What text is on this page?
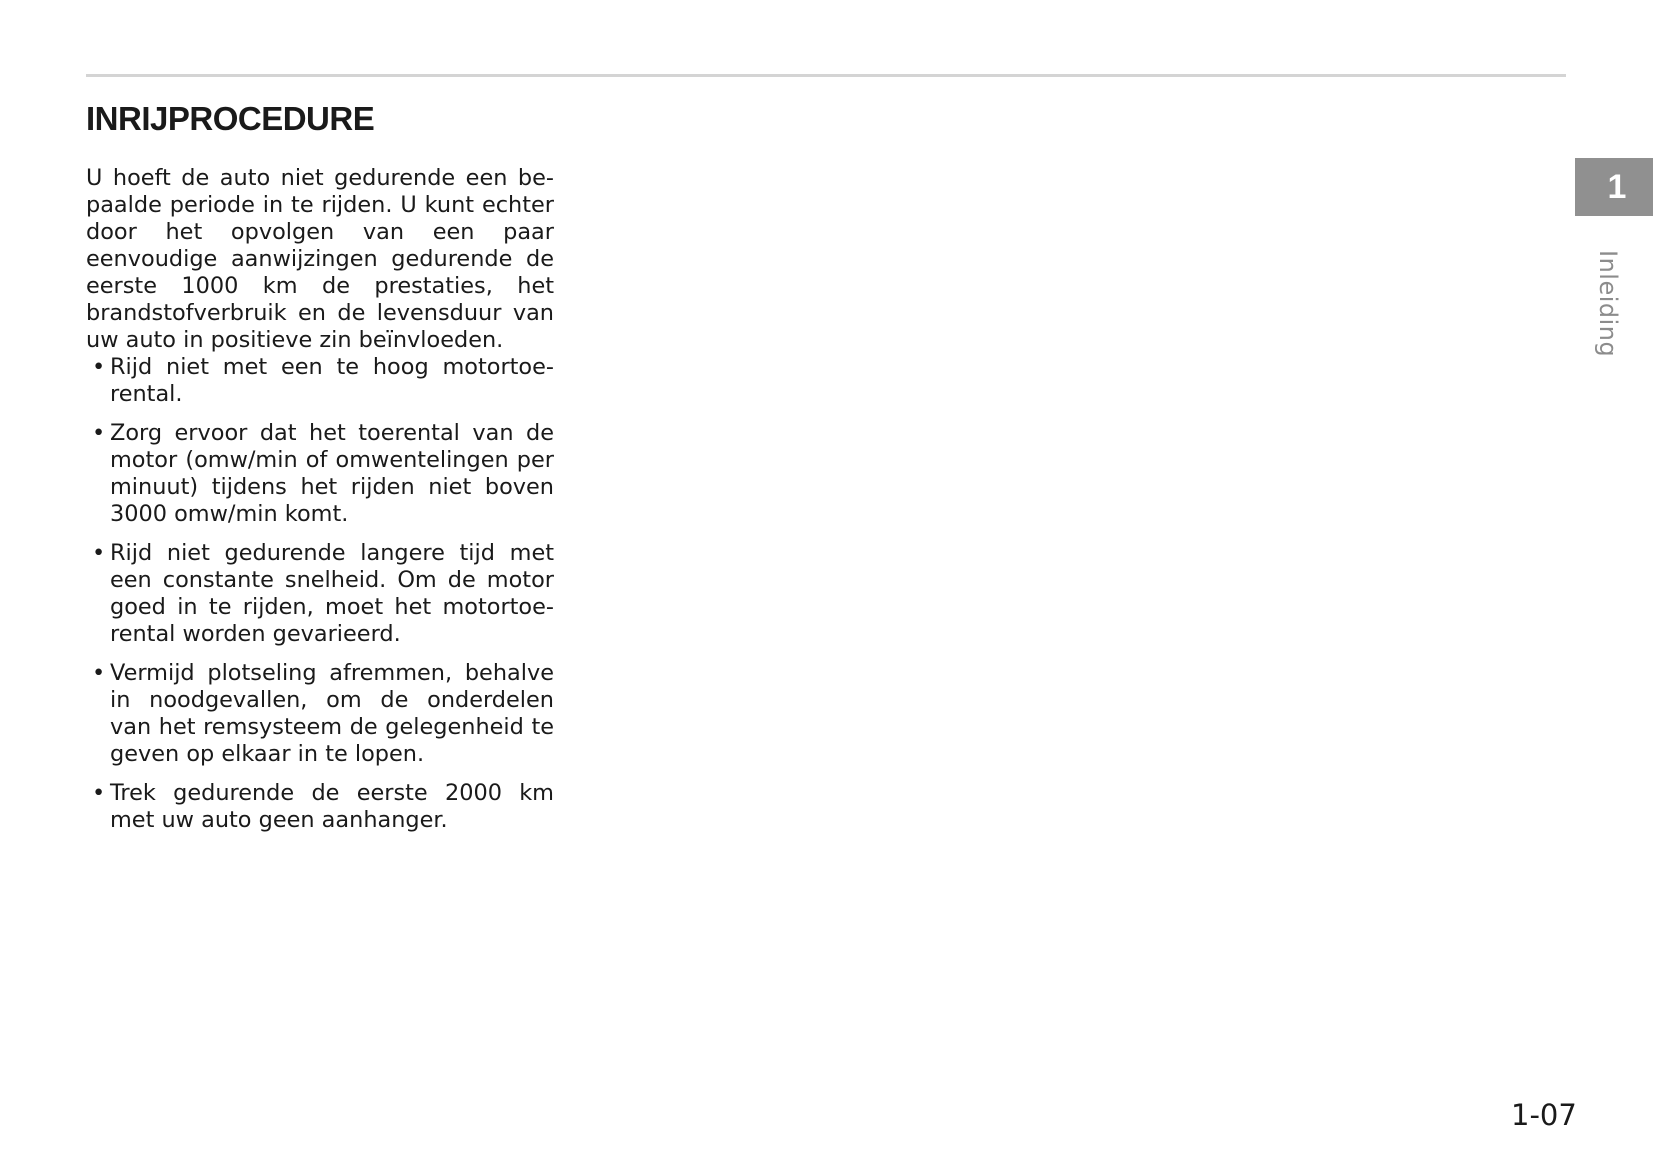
INRIJPROCEDURE

U hoeft de auto niet gedurende een bepaalde periode in te rijden. U kunt echter door het opvolgen van een paar eenvoudige aanwijzingen gedurende de eerste 1000 km de prestaties, het brandstofverbruik en de levensduur van uw auto in positieve zin beïnvloeden.

• Rijd niet met een te hoog motortoerental.
• Zorg ervoor dat het toerental van de motor (omw/min of omwentelingen per minuut) tijdens het rijden niet boven 3000 omw/min komt.
• Rijd niet gedurende langere tijd met een constante snelheid. Om de motor goed in te rijden, moet het motortoerental worden gevarieerd.
• Vermijd plotseling afremmen, behalve in noodgevallen, om de onderdelen van het remsysteem de gelegenheid te geven op elkaar in te lopen.
• Trek gedurende de eerste 2000 km met uw auto geen aanhanger.
1
Inleiding
1-07
